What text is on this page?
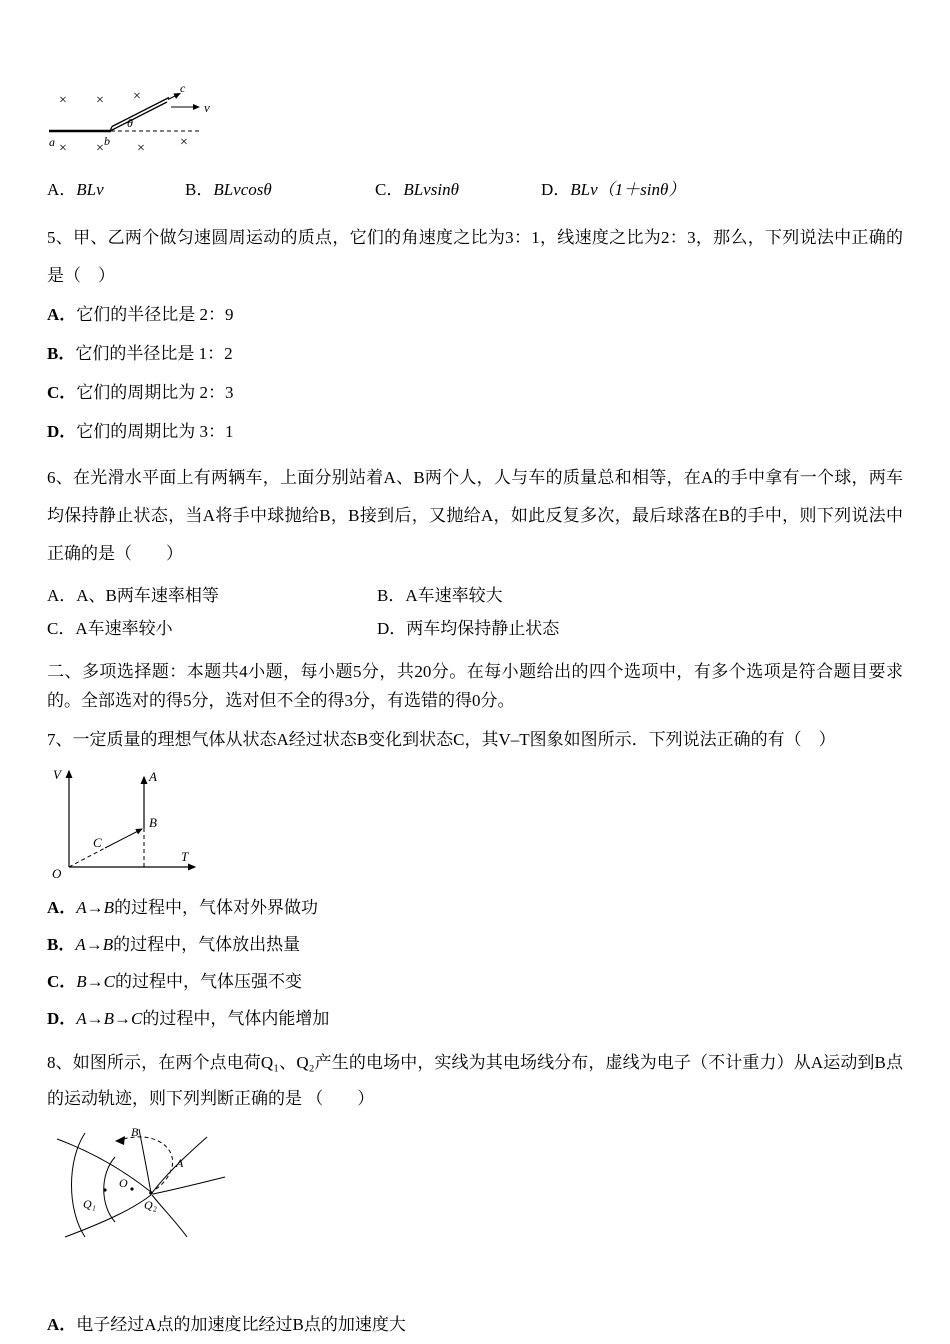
× × ×
× × ×	×
c
v
θ
a	b
A．BLv	B．BLvcosθ	C．BLvsinθ	D．BLv（1＋sinθ）

5、甲、乙两个做匀速圆周运动的质点，它们的角速度之比为3：1，线速度之比为2：3，那么，下列说法中正确的是（　）

A．它们的半径比是 2：9
B．它们的半径比是 1：2
C．它们的周期比为 2：3
D．它们的周期比为 3：1

6、在光滑水平面上有两辆车，上面分别站着A、B两个人，人与车的质量总和相等，在A的手中拿有一个球，两车均保持静止状态，当A将手中球抛给B，B接到后，又抛给A，如此反复多次，最后球落在B的手中，则下列说法中正确的是（　　）

A．A、B两车速率相等	B．A车速率较大
C．A车速率较小	D．两车均保持静止状态

二、多项选择题：本题共4小题，每小题5分，共20分。在每小题给出的四个选项中，有多个选项是符合题目要求的。全部选对的得5分，选对但不全的得3分，有选错的得0分。

7、一定质量的理想气体从状态A经过状态B变化到状态C，其V–T图象如图所示．下列说法正确的有（　）

V
T
O
C
A
B
A．A→B的过程中，气体对外界做功
B．A→B的过程中，气体放出热量
C．B→C的过程中，气体压强不变
D．A→B→C的过程中，气体内能增加

8、如图所示，在两个点电荷Q₁、Q₂产生的电场中，实线为其电场线分布，虚线为电子（不计重力）从A运动到B点的运动轨迹，则下列判断正确的是 （　　）

Q₁	Q₂
O
A
B
A．电子经过A点的加速度比经过B点的加速度大
